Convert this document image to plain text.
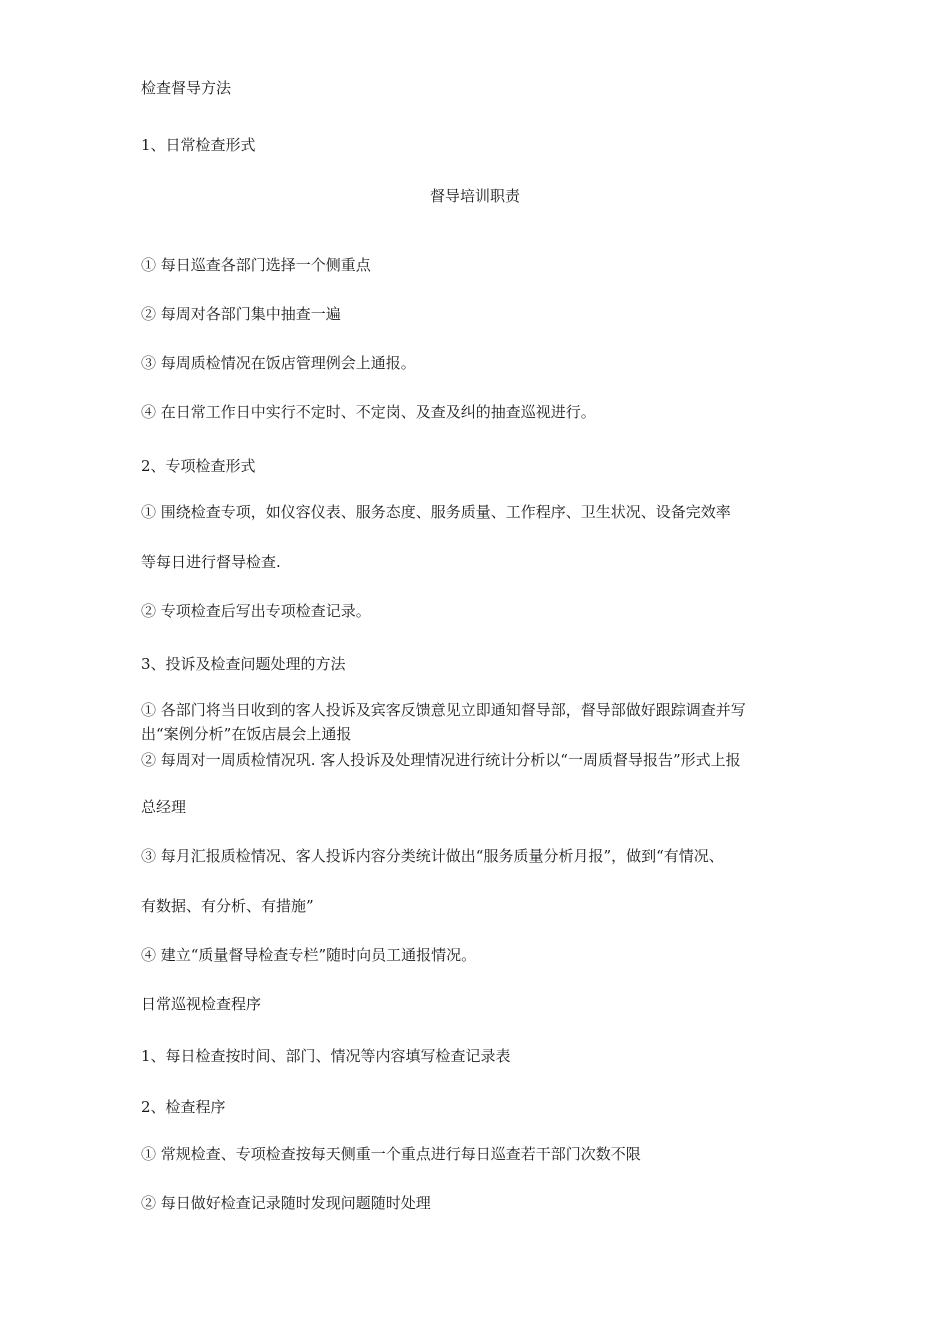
检查督导方法
1、日常检查形式
督导培训职责
① 每日巡查各部门选择一个侧重点
② 每周对各部门集中抽查一遍
③ 每周质检情况在饭店管理例会上通报。
④ 在日常工作日中实行不定时、不定岗、及查及纠的抽查巡视进行。
2、专项检查形式
① 围绕检查专项，如仪容仪表、服务态度、服务质量、工作程序、卫生状况、设备完效率
等每日进行督导检查.
② 专项检查后写出专项检查记录。
3、投诉及检查问题处理的方法
① 各部门将当日收到的客人投诉及宾客反馈意见立即通知督导部，督导部做好跟踪调查并写
出“案例分析”在饭店晨会上通报
② 每周对一周质检情况巩. 客人投诉及处理情况进行统计分析以“一周质督导报告”形式上报
总经理
③ 每月汇报质检情况、客人投诉内容分类统计做出“服务质量分析月报”，做到“有情况、
有数据、有分析、有措施”
④ 建立“质量督导检查专栏”随时向员工通报情况。
日常巡视检查程序
1、每日检查按时间、部门、情况等内容填写检查记录表
2、检查程序
① 常规检查、专项检查按每天侧重一个重点进行每日巡查若干部门次数不限
② 每日做好检查记录随时发现问题随时处理
